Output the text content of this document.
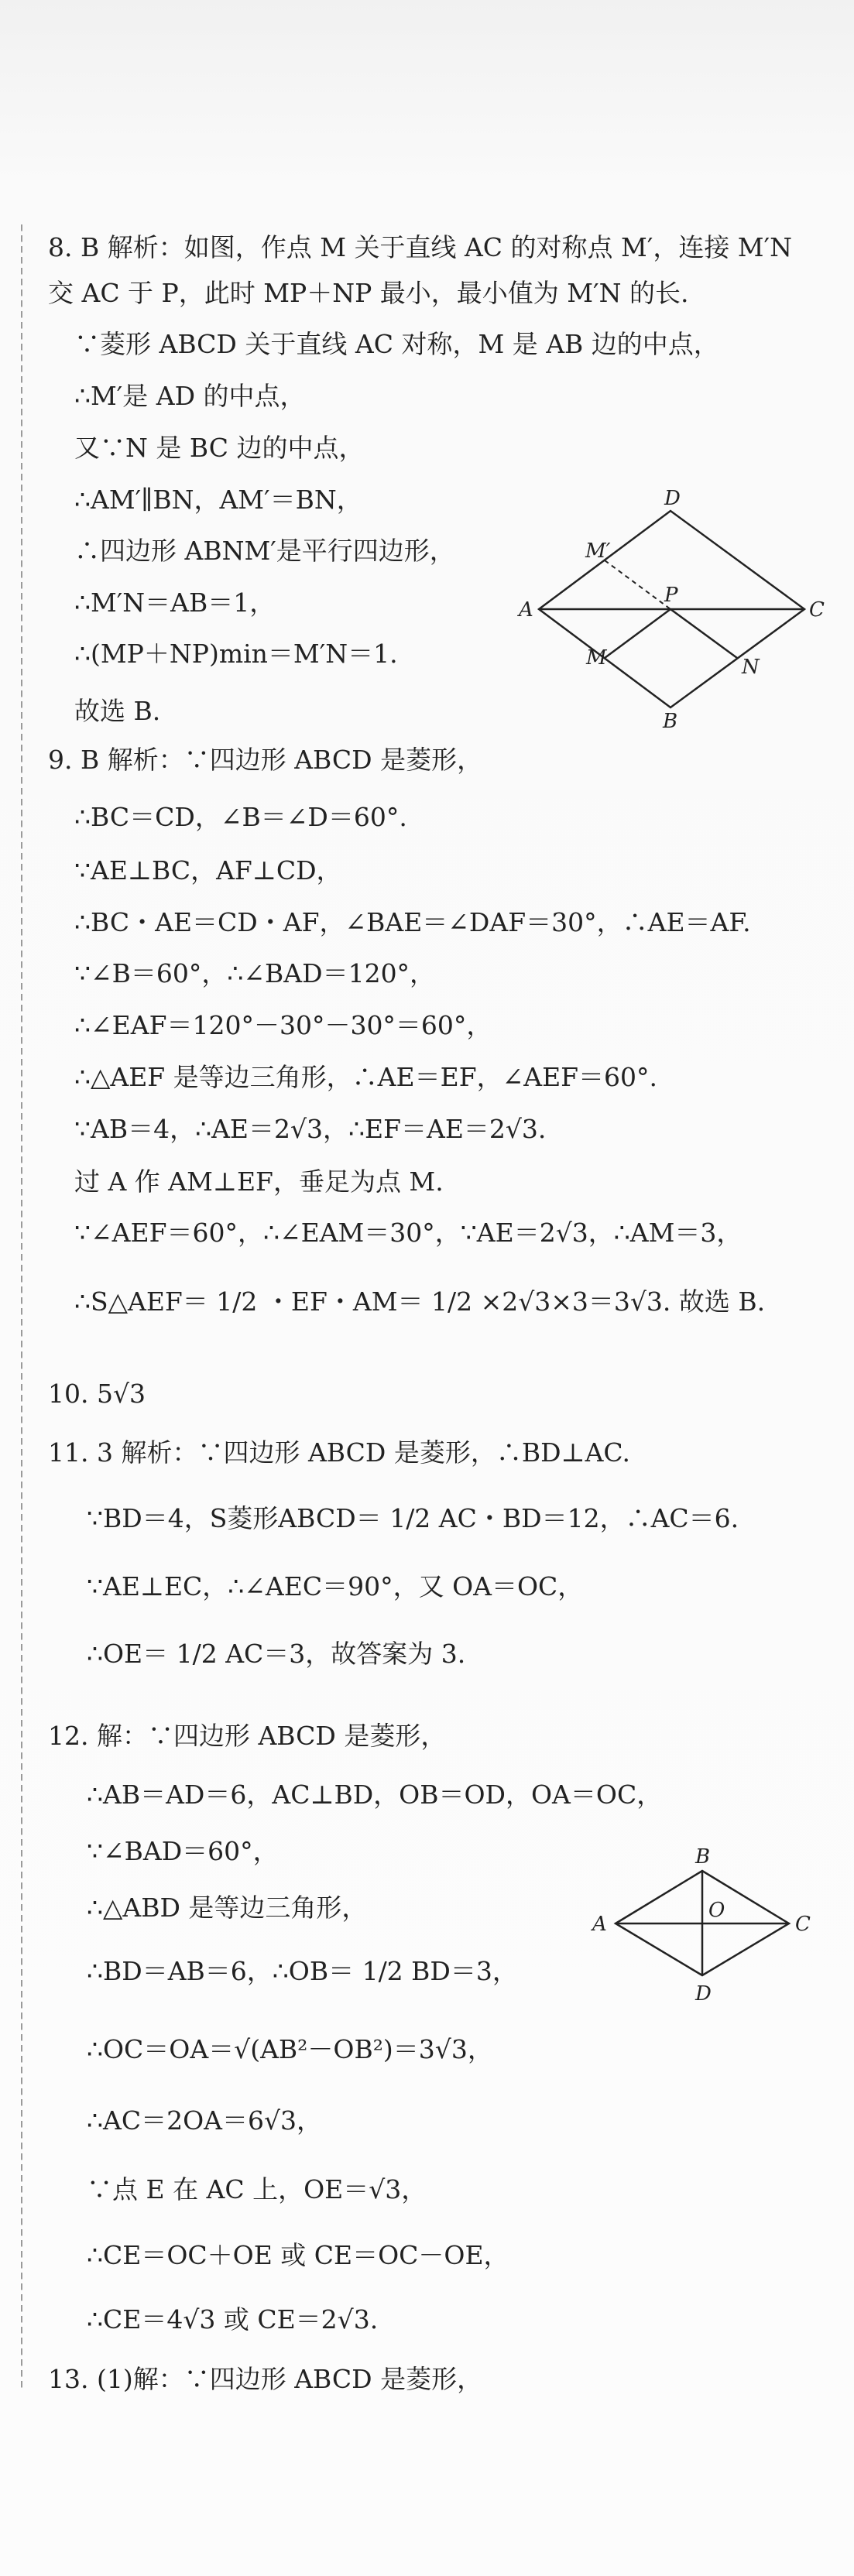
8. B 解析：如图，作点 M 关于直线 AC 的对称点 M′，连接 M′N
交 AC 于 P，此时 MP＋NP 最小，最小值为 M′N 的长.
∵菱形 ABCD 关于直线 AC 对称，M 是 AB 边的中点，
∴M′是 AD 的中点，
又∵N 是 BC 边的中点，
∴AM′∥BN，AM′＝BN，
∴四边形 ABNM′是平行四边形，
∴M′N＝AB＝1，
∴(MP＋NP)min＝M′N＝1.
故选 B.
9. B 解析：∵四边形 ABCD 是菱形，
∴BC＝CD，∠B＝∠D＝60°.
∵AE⊥BC，AF⊥CD，
∴BC・AE＝CD・AF，∠BAE＝∠DAF＝30°，∴AE＝AF.
∵∠B＝60°，∴∠BAD＝120°，
∴∠EAF＝120°－30°－30°＝60°，
∴△AEF 是等边三角形，∴AE＝EF，∠AEF＝60°.
∵AB＝4，∴AE＝2√3，∴EF＝AE＝2√3.
过 A 作 AM⊥EF，垂足为点 M.
∵∠AEF＝60°，∴∠EAM＝30°，∵AE＝2√3，∴AM＝3，
∴S△AEF＝ 1/2 ・EF・AM＝ 1/2 ×2√3×3＝3√3. 故选 B.
10. 5√3
11. 3 解析：∵四边形 ABCD 是菱形，∴BD⊥AC.
∵BD＝4，S菱形ABCD＝ 1/2 AC・BD＝12，∴AC＝6.
∵AE⊥EC，∴∠AEC＝90°，又 OA＝OC，
∴OE＝ 1/2 AC＝3，故答案为 3.
12. 解：∵四边形 ABCD 是菱形，
∴AB＝AD＝6，AC⊥BD，OB＝OD，OA＝OC，
∵∠BAD＝60°，
∴△ABD 是等边三角形，
∴BD＝AB＝6，∴OB＝ 1/2 BD＝3，
∴OC＝OA＝√(AB²－OB²)＝3√3，
∴AC＝2OA＝6√3，
∵点 E 在 AC 上，OE＝√3，
∴CE＝OC＋OE 或 CE＝OC－OE，
∴CE＝4√3 或 CE＝2√3.
13. (1)解：∵四边形 ABCD 是菱形，
D
M′
P
A	C
M	N
B
B
O
A	C
D
